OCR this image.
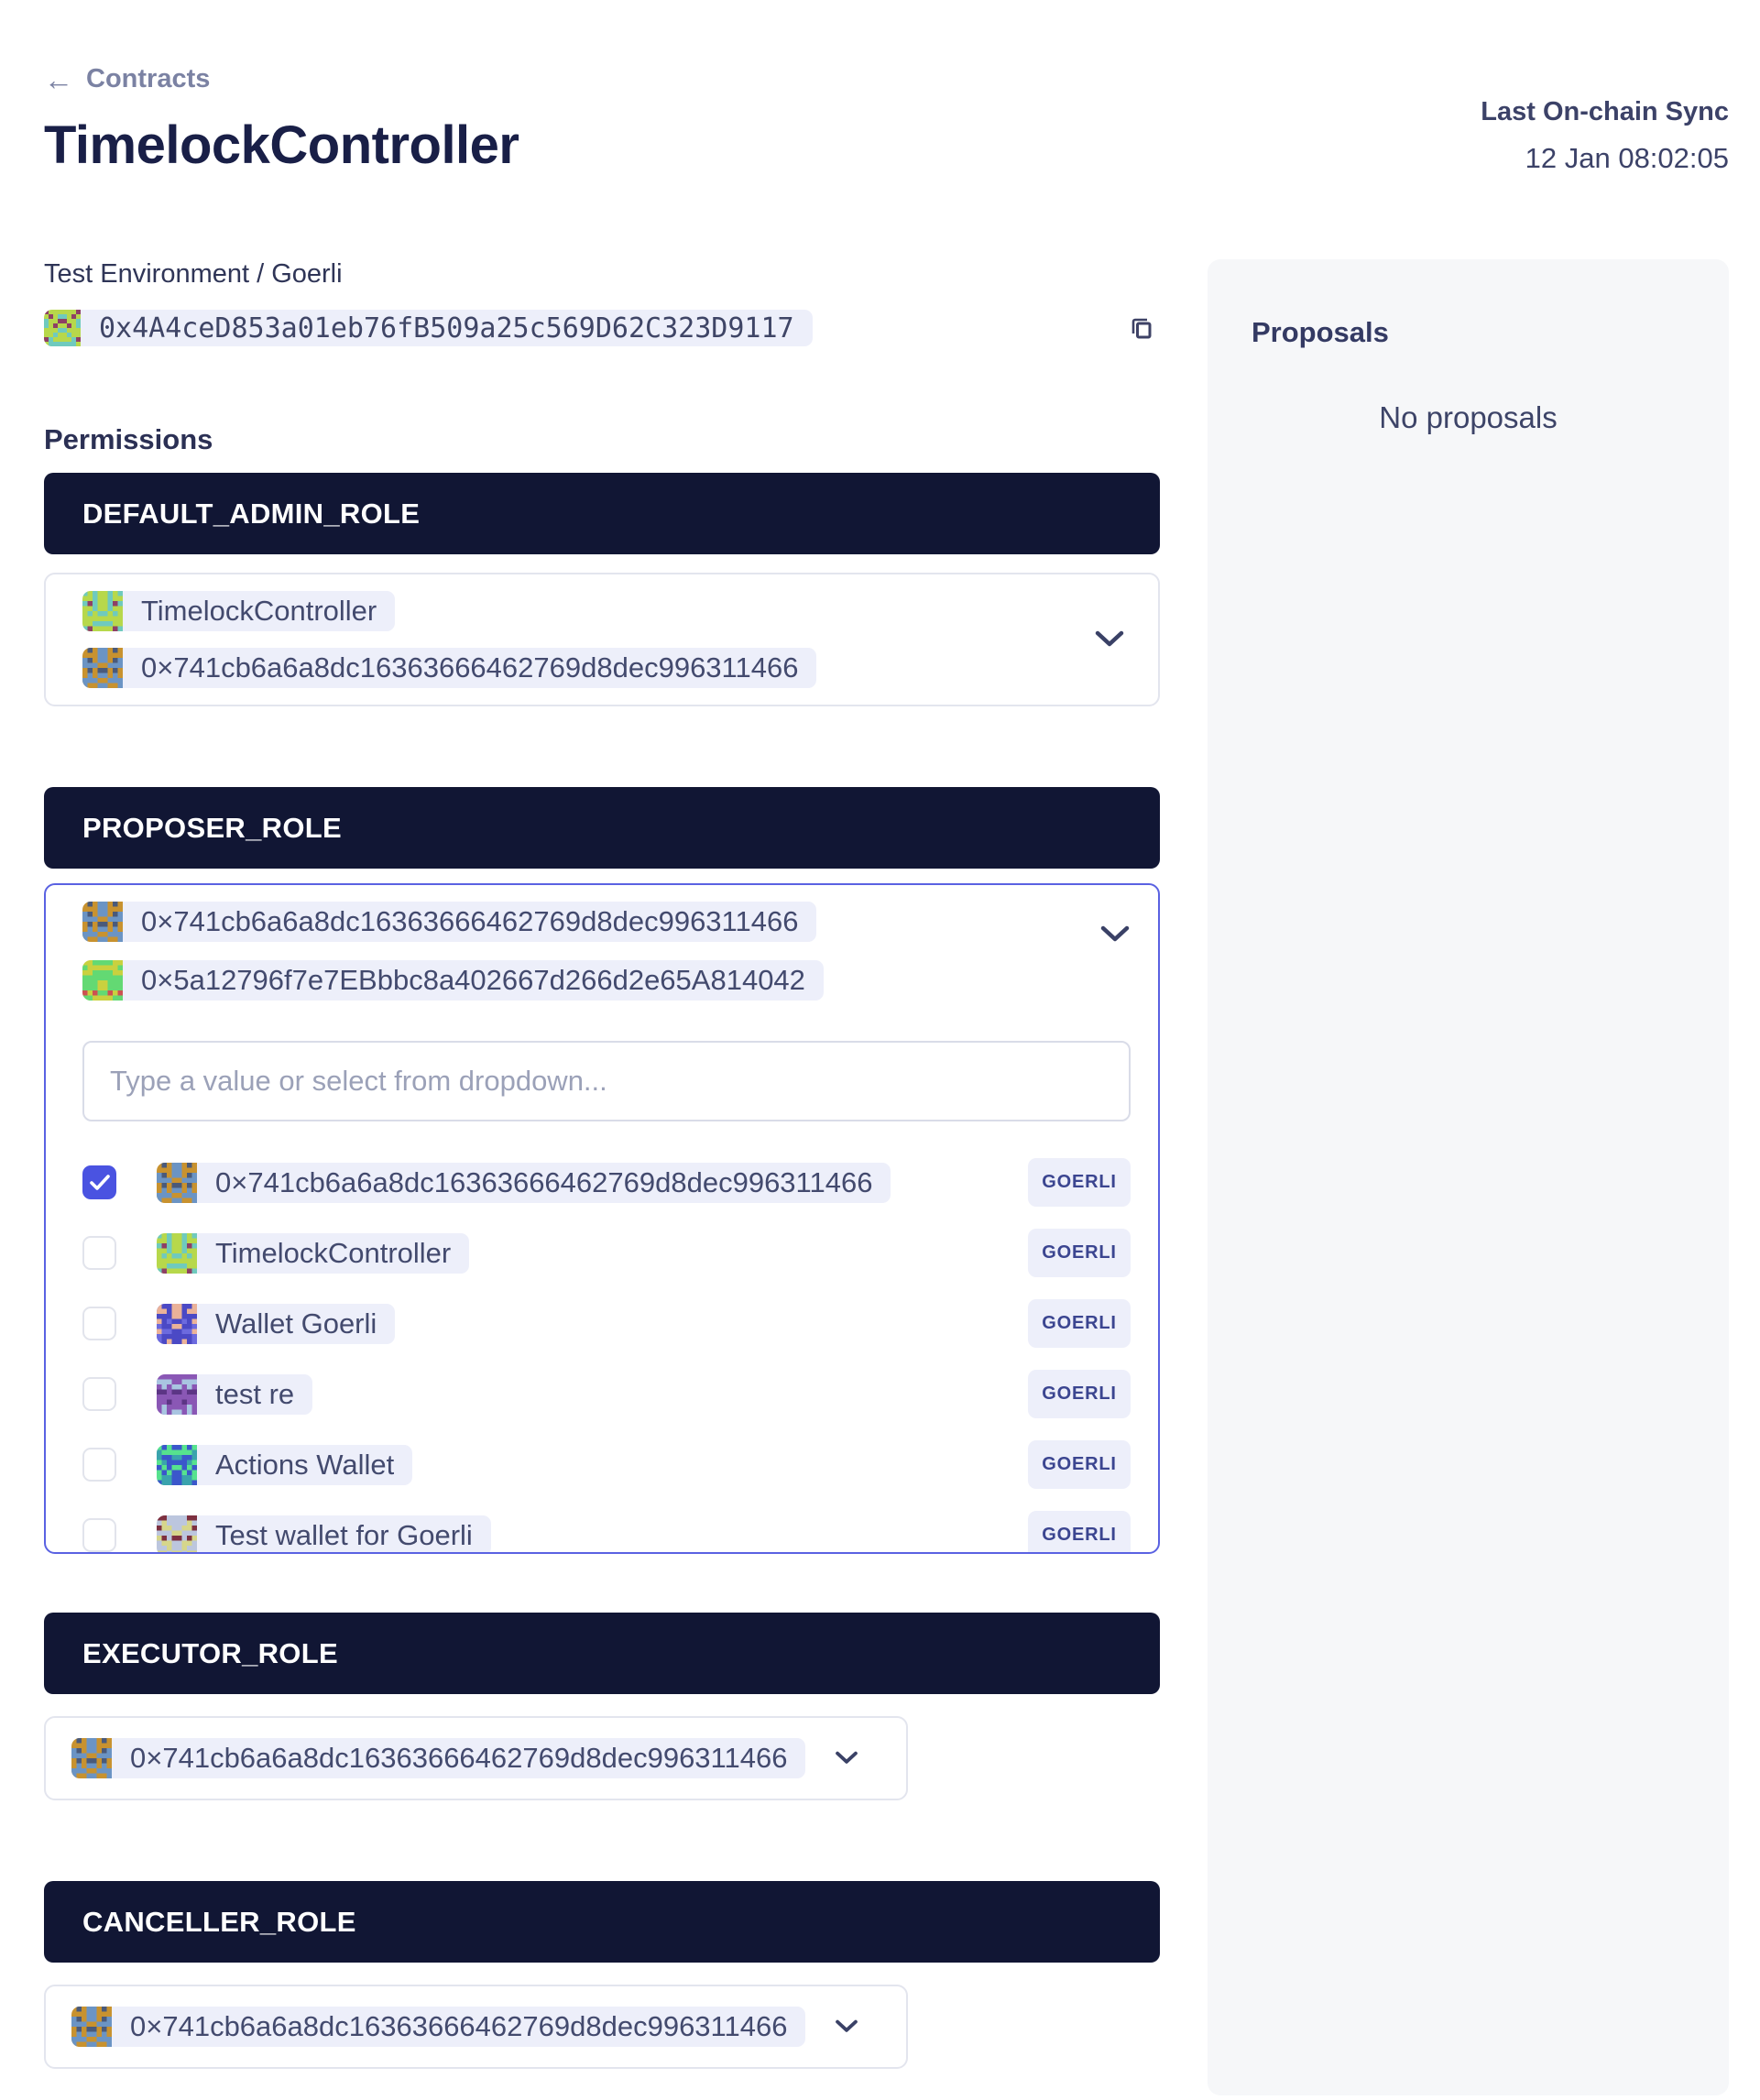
← Contracts
TimelockController
Last On-chain Sync
12 Jan 08:02:05
Test Environment / Goerli
0x4A4ceD853a01eb76fB509a25c569D62C323D9117
Permissions
DEFAULT_ADMIN_ROLE
TimelockController
0×741cb6a6a8dc16363666462769d8dec996311466
PROPOSER_ROLE
0×741cb6a6a8dc16363666462769d8dec996311466
0×5a12796f7e7EBbbc8a402667d266d2e65A814042
Type a value or select from dropdown...
0×741cb6a6a8dc16363666462769d8dec996311466	GOERLI
TimelockController	GOERLI
Wallet Goerli	GOERLI
test re	GOERLI
Actions Wallet	GOERLI
Test wallet for Goerli	GOERLI
EXECUTOR_ROLE
0×741cb6a6a8dc16363666462769d8dec996311466
CANCELLER_ROLE
0×741cb6a6a8dc16363666462769d8dec996311466
Proposals
No proposals
